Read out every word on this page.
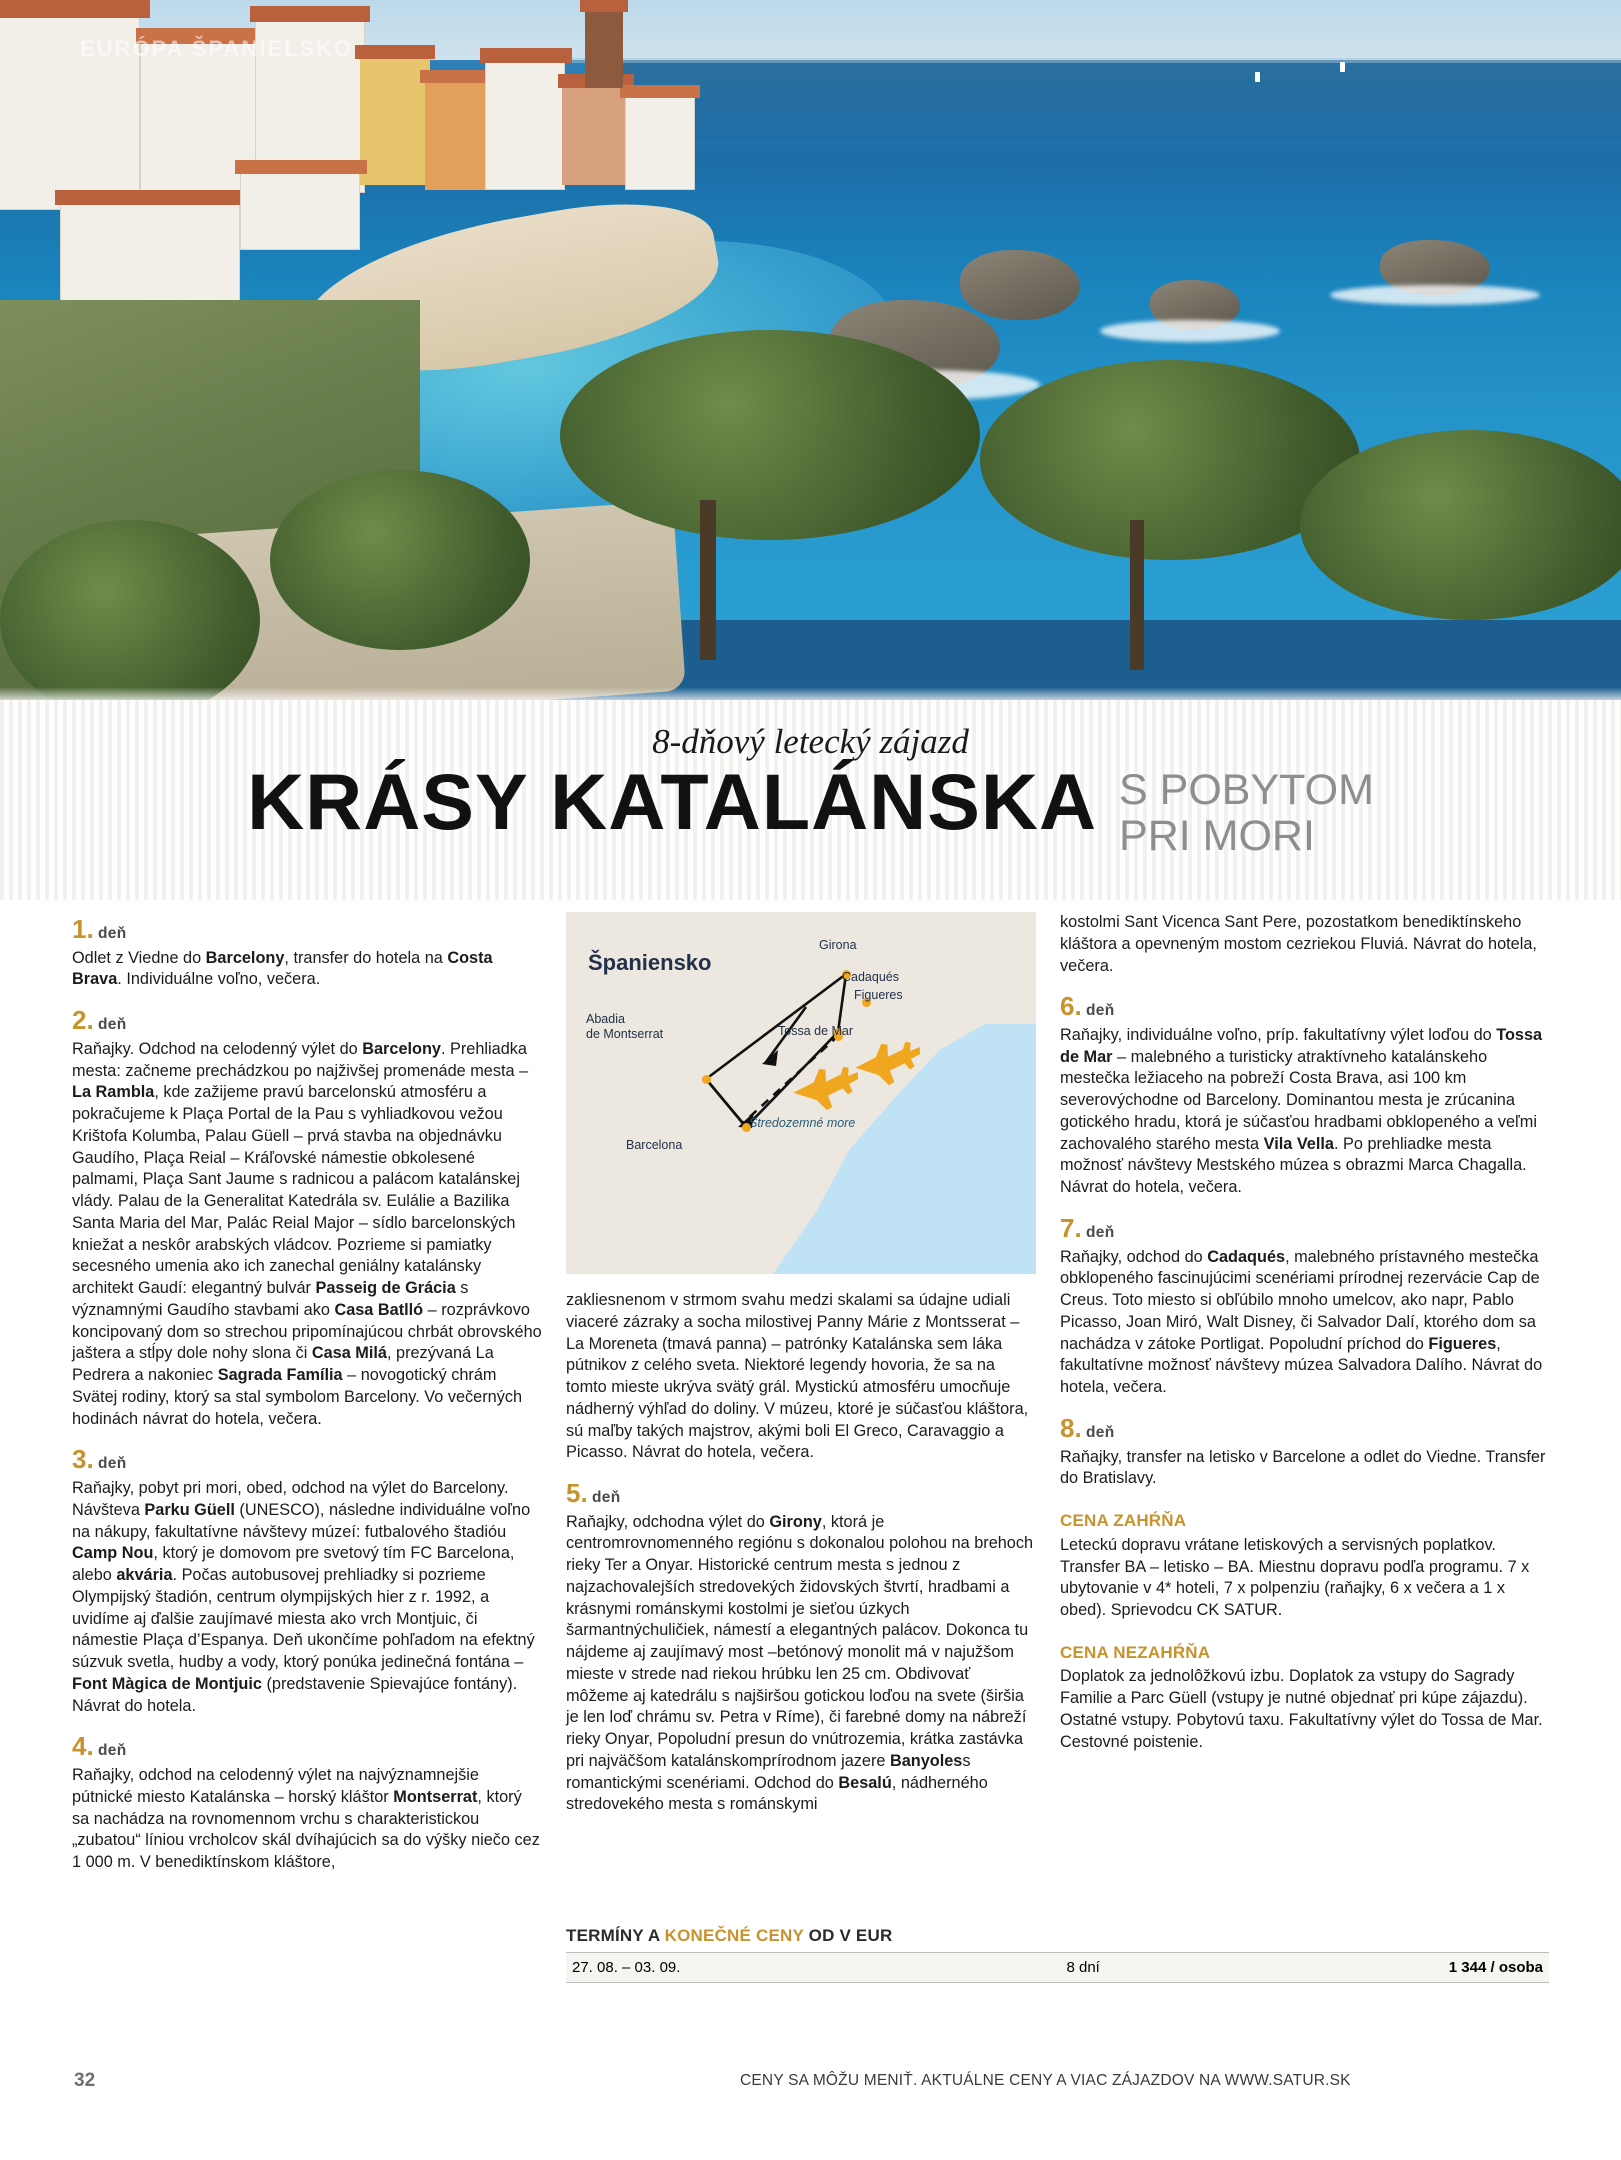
EURÓPA ŠPANIELSKO
8-dňový letecký zájazd
KRÁSY KATALÁNSKA S POBYTOM
PRI MORI
1. deň

Odlet z Viedne do Barcelony, transfer do hotela na Costa Brava. Individuálne voľno, večera.

2. deň

Raňajky. Odchod na celodenný výlet do Barcelony. Prehliadka mesta: začneme prechádzkou po najživšej promenáde mesta – La Rambla, kde zažijeme pravú barcelonskú atmosféru a pokračujeme k Plaça Portal de la Pau s vyhliadkovou vežou Krištofa Kolumba, Palau Güell – prvá stavba na objednávku Gaudího, Plaça Reial – Kráľovské námestie obkolesené palmami, Plaça Sant Jaume s radnicou a palácom katalánskej vlády. Palau de la Generalitat Katedrála sv. Eulálie a Bazilika Santa Maria del Mar, Palác Reial Major – sídlo barcelonských kniežat a neskôr arabských vládcov. Pozrieme si pamiatky secesného umenia ako ich zanechal geniálny katalánsky architekt Gaudí: elegantný bulvár Passeig de Grácia s významnými Gaudího stavbami ako Casa Batlló – rozprávkovo koncipovaný dom so strechou pripomínajúcou chrbát obrovského jaštera a stĺpy dole nohy slona či Casa Milá, prezývaná La Pedrera a nakoniec Sagrada Família – novogotický chrám Svätej rodiny, ktorý sa stal symbolom Barcelony. Vo večerných hodinách návrat do hotela, večera.

3. deň

Raňajky, pobyt pri mori, obed, odchod na výlet do Barcelony. Návšteva Parku Güell (UNESCO), následne individuálne voľno na nákupy, fakultatívne návštevy múzeí: futbalového štadióu Camp Nou, ktorý je domovom pre svetový tím FC Barcelona, alebo akvária. Počas autobusovej prehliadky si pozrieme Olympijský štadión, centrum olympijských hier z r. 1992, a uvidíme aj ďalšie zaujímavé miesta ako vrch Montjuic, či námestie Plaça d’Espanya. Deň ukončíme pohľadom na efektný súzvuk svetla, hudby a vody, ktorý ponúka jedinečná fontána – Font Màgica de Montjuic (predstavenie Spievajúce fontány). Návrat do hotela.

4. deň

Raňajky, odchod na celodenný výlet na najvýznamnejšie pútnické miesto Katalánska – horský kláštor Montserrat, ktorý sa nachádza na rovnomennom vrchu s charakteristickou „zubatou“ líniou vrcholcov skál dvíhajúcich sa do výšky niečo cez 1 000 m. V benediktínskom kláštore,

Španiensko
Girona
Cadaqués
Figueres
Tossa de Mar
Abadia
de Montserrat
Barcelona
Stredozemné more

zakliesnenom v strmom svahu medzi skalami sa údajne udiali viaceré zázraky a socha milostivej Panny Márie z Montsserat – La Moreneta (tmavá panna) – patrónky Katalánska sem láka pútnikov z celého sveta. Niektoré legendy hovoria, že sa na tomto mieste ukrýva svätý grál. Mystickú atmosféru umocňuje nádherný výhľad do doliny. V múzeu, ktoré je súčasťou kláštora, sú maľby takých majstrov, akými boli El Greco, Caravaggio a Picasso. Návrat do hotela, večera.

5. deň

Raňajky, odchodna výlet do Girony, ktorá je centromrovnomenného regiónu s dokonalou polohou na brehoch rieky Ter a Onyar. Historické centrum mesta s jednou z najzachovalejších stredovekých židovských štvrtí, hradbami a krásnymi románskymi kostolmi je sieťou úzkych šarmantnýchuličiek, námestí a elegantných palácov. Dokonca tu nájdeme aj zaujímavý most –betónový monolit má v najužšom mieste v strede nad riekou hrúbku len 25 cm. Obdivovať môžeme aj katedrálu s najširšou gotickou loďou na svete (širšia je len loď chrámu sv. Petra v Ríme), či farebné domy na nábreží rieky Onyar, Popoludní presun do vnútrozemia, krátka zastávka pri najväčšom katalánskomprírodnom jazere Banyoless romantickými scenériami. Odchod do Besalú, nádherného stredovekého mesta s románskymi

kostolmi Sant Vicenca Sant Pere, pozostatkom benediktínskeho kláštora a opevneným mostom cezriekou Fluviá. Návrat do hotela, večera.

6. deň

Raňajky, individuálne voľno, príp. fakultatívny výlet loďou do Tossa de Mar – malebného a turisticky atraktívneho katalánskeho mestečka ležiaceho na pobreží Costa Brava, asi 100 km severovýchodne od Barcelony. Dominantou mesta je zrúcanina gotického hradu, ktorá je súčasťou hradbami obklopeného a veľmi zachovalého starého mesta Vila Vella. Po prehliadke mesta možnosť návštevy Mestského múzea s obrazmi Marca Chagalla. Návrat do hotela, večera.

7. deň

Raňajky, odchod do Cadaqués, malebného prístavného mestečka obklopeného fascinujúcimi scenériami prírodnej rezervácie Cap de Creus. Toto miesto si obľúbilo mnoho umelcov, ako napr, Pablo Picasso, Joan Miró, Walt Disney, či Salvador Dalí, ktorého dom sa nachádza v zátoke Portligat. Popoludní príchod do Figueres, fakultatívne možnosť návštevy múzea Salvadora Dalího. Návrat do hotela, večera.

8. deň

Raňajky, transfer na letisko v Barcelone a odlet do Viedne. Transfer do Bratislavy.

CENA ZAHŔŇA

Leteckú dopravu vrátane letiskových a servisných poplatkov. Transfer BA – letisko – BA. Miestnu dopravu podľa programu. 7 x ubytovanie v 4* hoteli, 7 x polpenziu (raňajky, 6 x večera a 1 x obed). Sprievodcu CK SATUR.

CENA NEZAHŔŇA

Doplatok za jednolôžkovú izbu. Doplatok za vstupy do Sagrady Familie a Parc Güell (vstupy je nutné objednať pri kúpe zájazdu). Ostatné vstupy. Pobytovú taxu. Fakultatívny výlet do Tossa de Mar. Cestovné poistenie.

TERMÍNY A KONEČNÉ CENY OD V EUR
27. 08. – 03. 09.	8 dní	1 344 / osoba
32	CENY SA MÔŽU MENIŤ. AKTUÁLNE CENY A VIAC ZÁJAZDOV NA WWW.SATUR.SK
